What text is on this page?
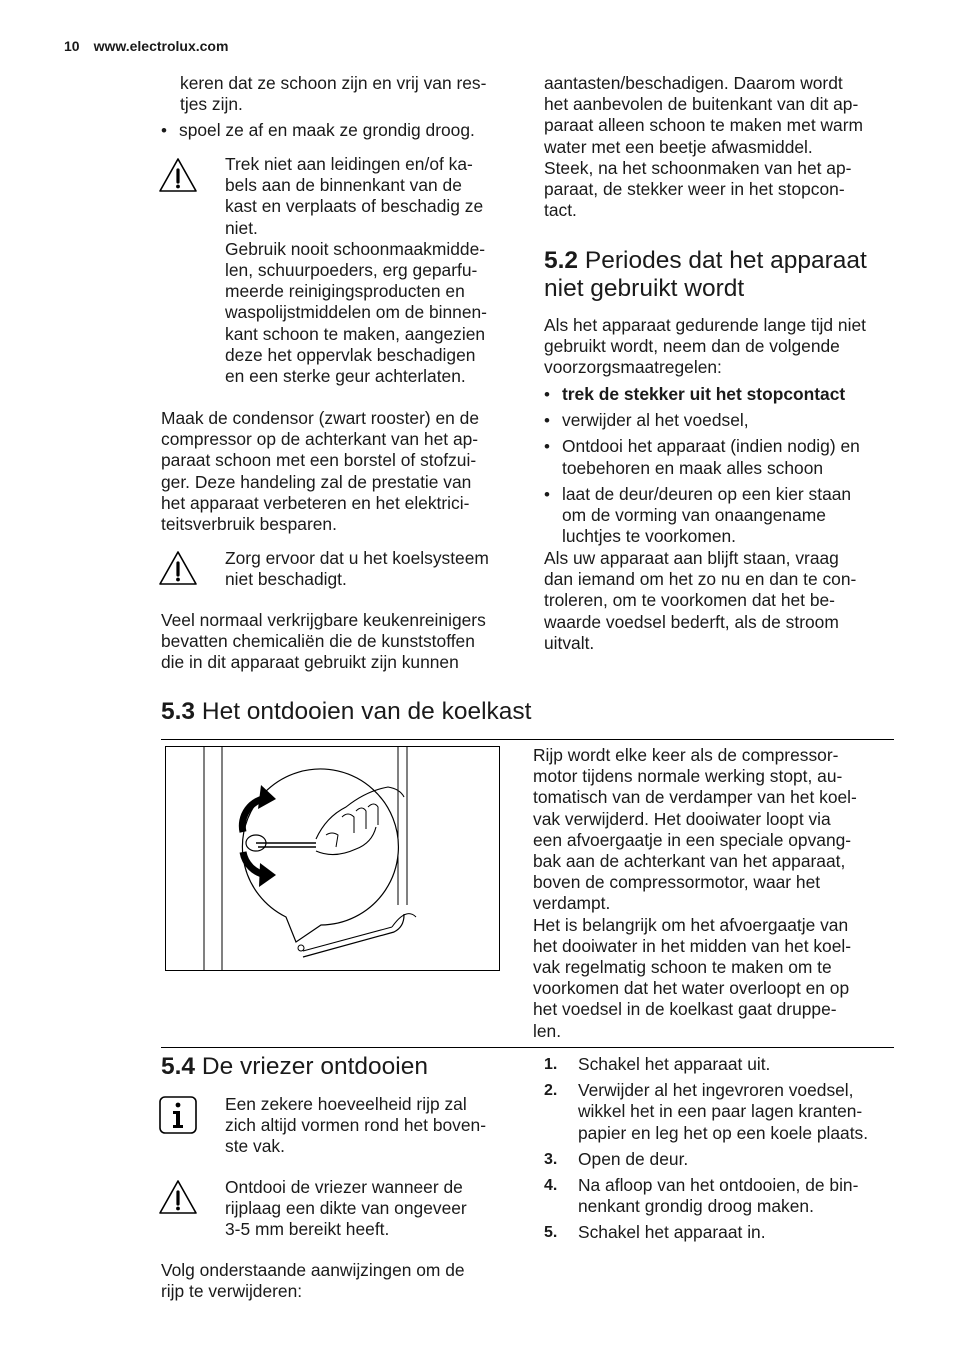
10 www.electrolux.com
keren dat ze schoon zijn en vrij van res-
tjes zijn.
• spoel ze af en maak ze grondig droog.
Trek niet aan leidingen en/of ka-
bels aan de binnenkant van de
kast en verplaats of beschadig ze
niet.
Gebruik nooit schoonmaakmidde-
len, schuurpoeders, erg geparfu-
meerde reinigingsproducten en
waspolijstmiddelen om de binnen-
kant schoon te maken, aangezien
deze het oppervlak beschadigen
en een sterke geur achterlaten.
Maak de condensor (zwart rooster) en de
compressor op de achterkant van het ap-
paraat schoon met een borstel of stofzui-
ger. Deze handeling zal de prestatie van
het apparaat verbeteren en het elektrici-
teitsverbruik besparen.
Zorg ervoor dat u het koelsysteem
niet beschadigt.
Veel normaal verkrijgbare keukenreinigers
bevatten chemicaliën die de kunststoffen
die in dit apparaat gebruikt zijn kunnen
aantasten/beschadigen. Daarom wordt
het aanbevolen de buitenkant van dit ap-
paraat alleen schoon te maken met warm
water met een beetje afwasmiddel.
Steek, na het schoonmaken van het ap-
paraat, de stekker weer in het stopcon-
tact.
5.2 Periodes dat het apparaat
niet gebruikt wordt
Als het apparaat gedurende lange tijd niet
gebruikt wordt, neem dan de volgende
voorzorgsmaatregelen:
• trek de stekker uit het stopcontact
• verwijder al het voedsel,
• Ontdooi het apparaat (indien nodig) en
toebehoren en maak alles schoon
• laat de deur/deuren op een kier staan
om de vorming van onaangename
luchtjes te voorkomen.
Als uw apparaat aan blijft staan, vraag
dan iemand om het zo nu en dan te con-
troleren, om te voorkomen dat het be-
waarde voedsel bederft, als de stroom
uitvalt.
5.3 Het ontdooien van de koelkast
Rijp wordt elke keer als de compressor-
motor tijdens normale werking stopt, au-
tomatisch van de verdamper van het koel-
vak verwijderd. Het dooiwater loopt via
een afvoergaatje in een speciale opvang-
bak aan de achterkant van het apparaat,
boven de compressormotor, waar het
verdampt.
Het is belangrijk om het afvoergaatje van
het dooiwater in het midden van het koel-
vak regelmatig schoon te maken om te
voorkomen dat het water overloopt en op
het voedsel in de koelkast gaat druppe-
len.
5.4 De vriezer ontdooien
Een zekere hoeveelheid rijp zal
zich altijd vormen rond het boven-
ste vak.
Ontdooi de vriezer wanneer de
rijplaag een dikte van ongeveer
3-5 mm bereikt heeft.
Volg onderstaande aanwijzingen om de
rijp te verwijderen:
1.	Schakel het apparaat uit.
2.	Verwijder al het ingevroren voedsel,
wikkel het in een paar lagen kranten-
papier en leg het op een koele plaats.
3.	Open de deur.
4.	Na afloop van het ontdooien, de bin-
nenkant grondig droog maken.
5.	Schakel het apparaat in.
